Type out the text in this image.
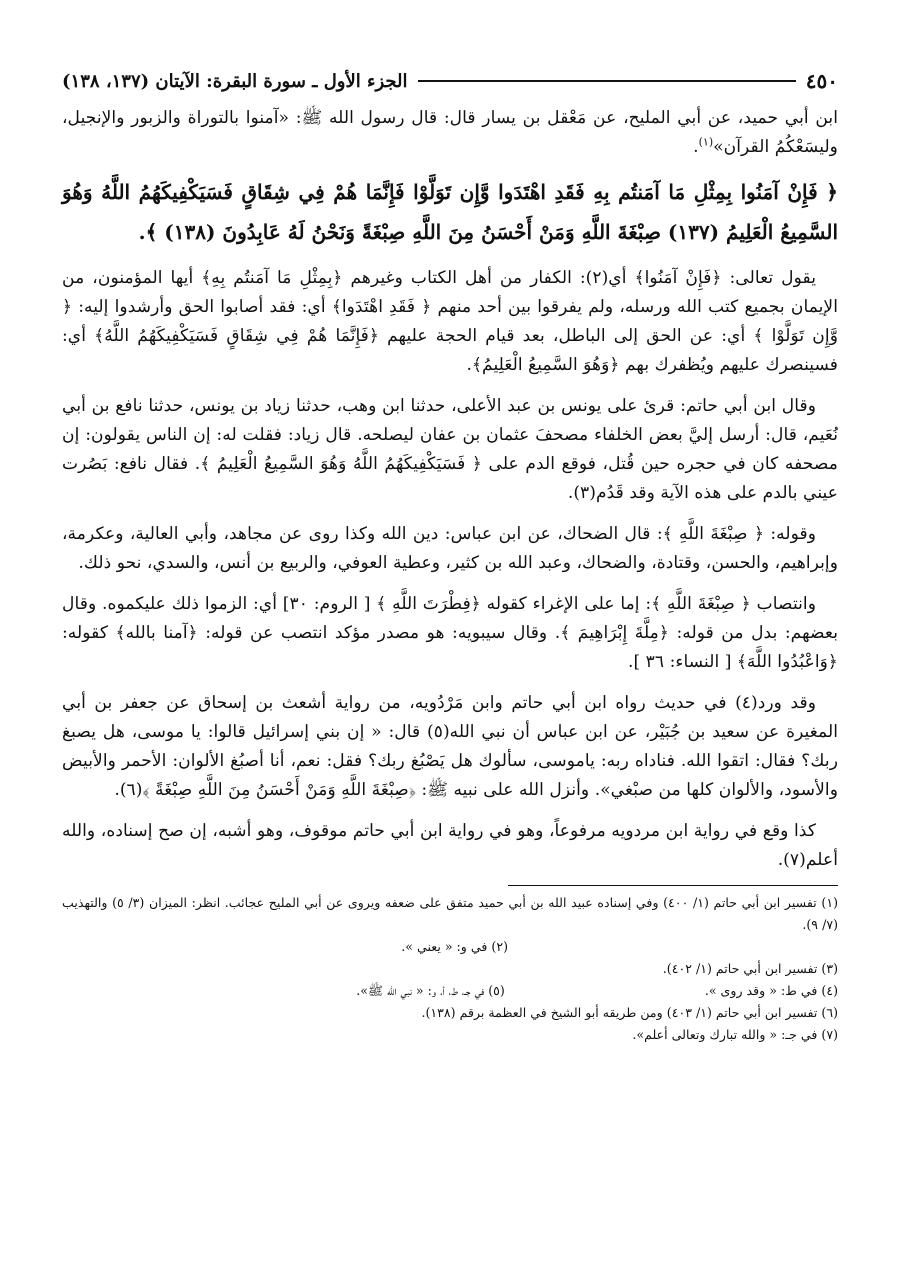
٤٥٠
الجزء الأول ـ سورة البقرة: الآيتان (١٣٧، ١٣٨)

ابن أبي حميد، عن أبي المليح، عن مَعْقل بن يسار قال: قال رسول الله ﷺ: «آمنوا بالتوراة والزبور والإنجيل، وليسَعْكُمُ القرآن»$^{(١)}$.

﴿ فَإِنْ آمَنُوا بِمِثْلِ مَا آمَنتُم بِهِ فَقَدِ اهْتَدَوا وَّإِن تَوَلَّوْا فَإِنَّمَا هُمْ فِي شِقَاقٍ فَسَيَكْفِيكَهُمُ اللَّهُ وَهُوَ السَّمِيعُ الْعَلِيمُ (١٣٧) صِبْغَةَ اللَّهِ وَمَنْ أَحْسَنُ مِنَ اللَّهِ صِبْغَةً وَنَحْنُ لَهُ عَابِدُونَ (١٣٨) ﴾.

يقول تعالى: ﴿فَإِنْ آمَنُوا﴾ أي(٢): الكفار من أهل الكتاب وغيرهم ﴿بِمِثْلِ مَا آمَنتُم بِهِ﴾ أيها المؤمنون، من الإيمان بجميع كتب الله ورسله، ولم يفرقوا بين أحد منهم ﴿ فَقَدِ اهْتَدَوا﴾ أي: فقد أصابوا الحق وأرشدوا إليه: ﴿ وَّإِن تَوَلَّوْا ﴾ أي: عن الحق إلى الباطل، بعد قيام الحجة عليهم ﴿فَإِنَّمَا هُمْ فِي شِقَاقٍ فَسَيَكْفِيكَهُمُ اللَّهُ﴾ أي: فسينصرك عليهم ويُظفرك بهم ﴿وَهُوَ السَّمِيعُ الْعَلِيمُ﴾.

وقال ابن أبي حاتم: قرئ على يونس بن عبد الأعلى، حدثنا ابن وهب، حدثنا زياد بن يونس، حدثنا نافع بن أبي نُعَيم، قال: أرسل إليَّ بعض الخلفاء مصحفَ عثمان بن عفان ليصلحه. قال زياد: فقلت له: إن الناس يقولون: إن مصحفه كان في حجره حين قُتل، فوقع الدم على ﴿ فَسَيَكْفِيكَهُمُ اللَّهُ وَهُوَ السَّمِيعُ الْعَلِيمُ ﴾. فقال نافع: بَصُرت عيني بالدم على هذه الآية وقد قَدُم(٣).

وقوله: ﴿ صِبْغَةَ اللَّهِ ﴾: قال الضحاك، عن ابن عباس: دين الله وكذا روى عن مجاهد، وأبي العالية، وعكرمة، وإبراهيم، والحسن، وقتادة، والضحاك، وعبد الله بن كثير، وعطية العوفي، والربيع بن أنس، والسدي، نحو ذلك.

وانتصاب ﴿ صِبْغَةَ اللَّهِ ﴾: إما على الإغراء كقوله ﴿فِطْرَتَ اللَّهِ ﴾ [ الروم: ٣٠] أي: الزموا ذلك عليكموه. وقال بعضهم: بدل من قوله: ﴿مِلَّةَ إِبْرَاهِيمَ ﴾. وقال سيبويه: هو مصدر مؤكد انتصب عن قوله: ﴿آمنا بالله﴾ كقوله: ﴿وَاعْبُدُوا اللَّهَ﴾ [ النساء: ٣٦ ].

وقد ورد(٤) في حديث رواه ابن أبي حاتم وابن مَرْدُويه، من رواية أشعث بن إسحاق عن جعفر بن أبي المغيرة عن سعيد بن جُبَيْر، عن ابن عباس أن نبي الله(٥) قال: « إن بني إسرائيل قالوا: يا موسى، هل يصبغ ربك؟ فقال: اتقوا الله. فناداه ربه: ياموسى، سألوك هل يَصْبُغ ربك؟ فقل: نعم، أنا أصبُغ الألوان: الأحمر والأبيض والأسود، والألوان كلها من صبْغي». وأنزل الله على نبيه ﷺ: ﴿صِبْغَةَ اللَّهِ وَمَنْ أَحْسَنُ مِنَ اللَّهِ صِبْغَةً ﴾(٦).

كذا وقع في رواية ابن مردويه مرفوعاً، وهو في رواية ابن أبي حاتم موقوف، وهو أشبه، إن صح إسناده، والله أعلم(٧).

(١) تفسير ابن أبي حاتم (١/ ٤٠٠) وفي إسناده عبيد الله بن أبي حميد متفق على ضعفه ويروى عن أبي المليح عجائب. انظر: الميزان (٣/ ٥) والتهذيب (٧/ ٩).

(٢) في و: « يعني ».

(٣) تفسير ابن أبي حاتم (١/ ٤٠٢).

(٤) في ط: « وقد روى ».
(٥) في جـ، ط، أ، و: « نبي الله ﷺ».

(٦) تفسير ابن أبي حاتم (١/ ٤٠٣) ومن طريقه أبو الشيخ في العظمة برقم (١٣٨).

(٧) في جـ: « والله تبارك وتعالى أعلم».
